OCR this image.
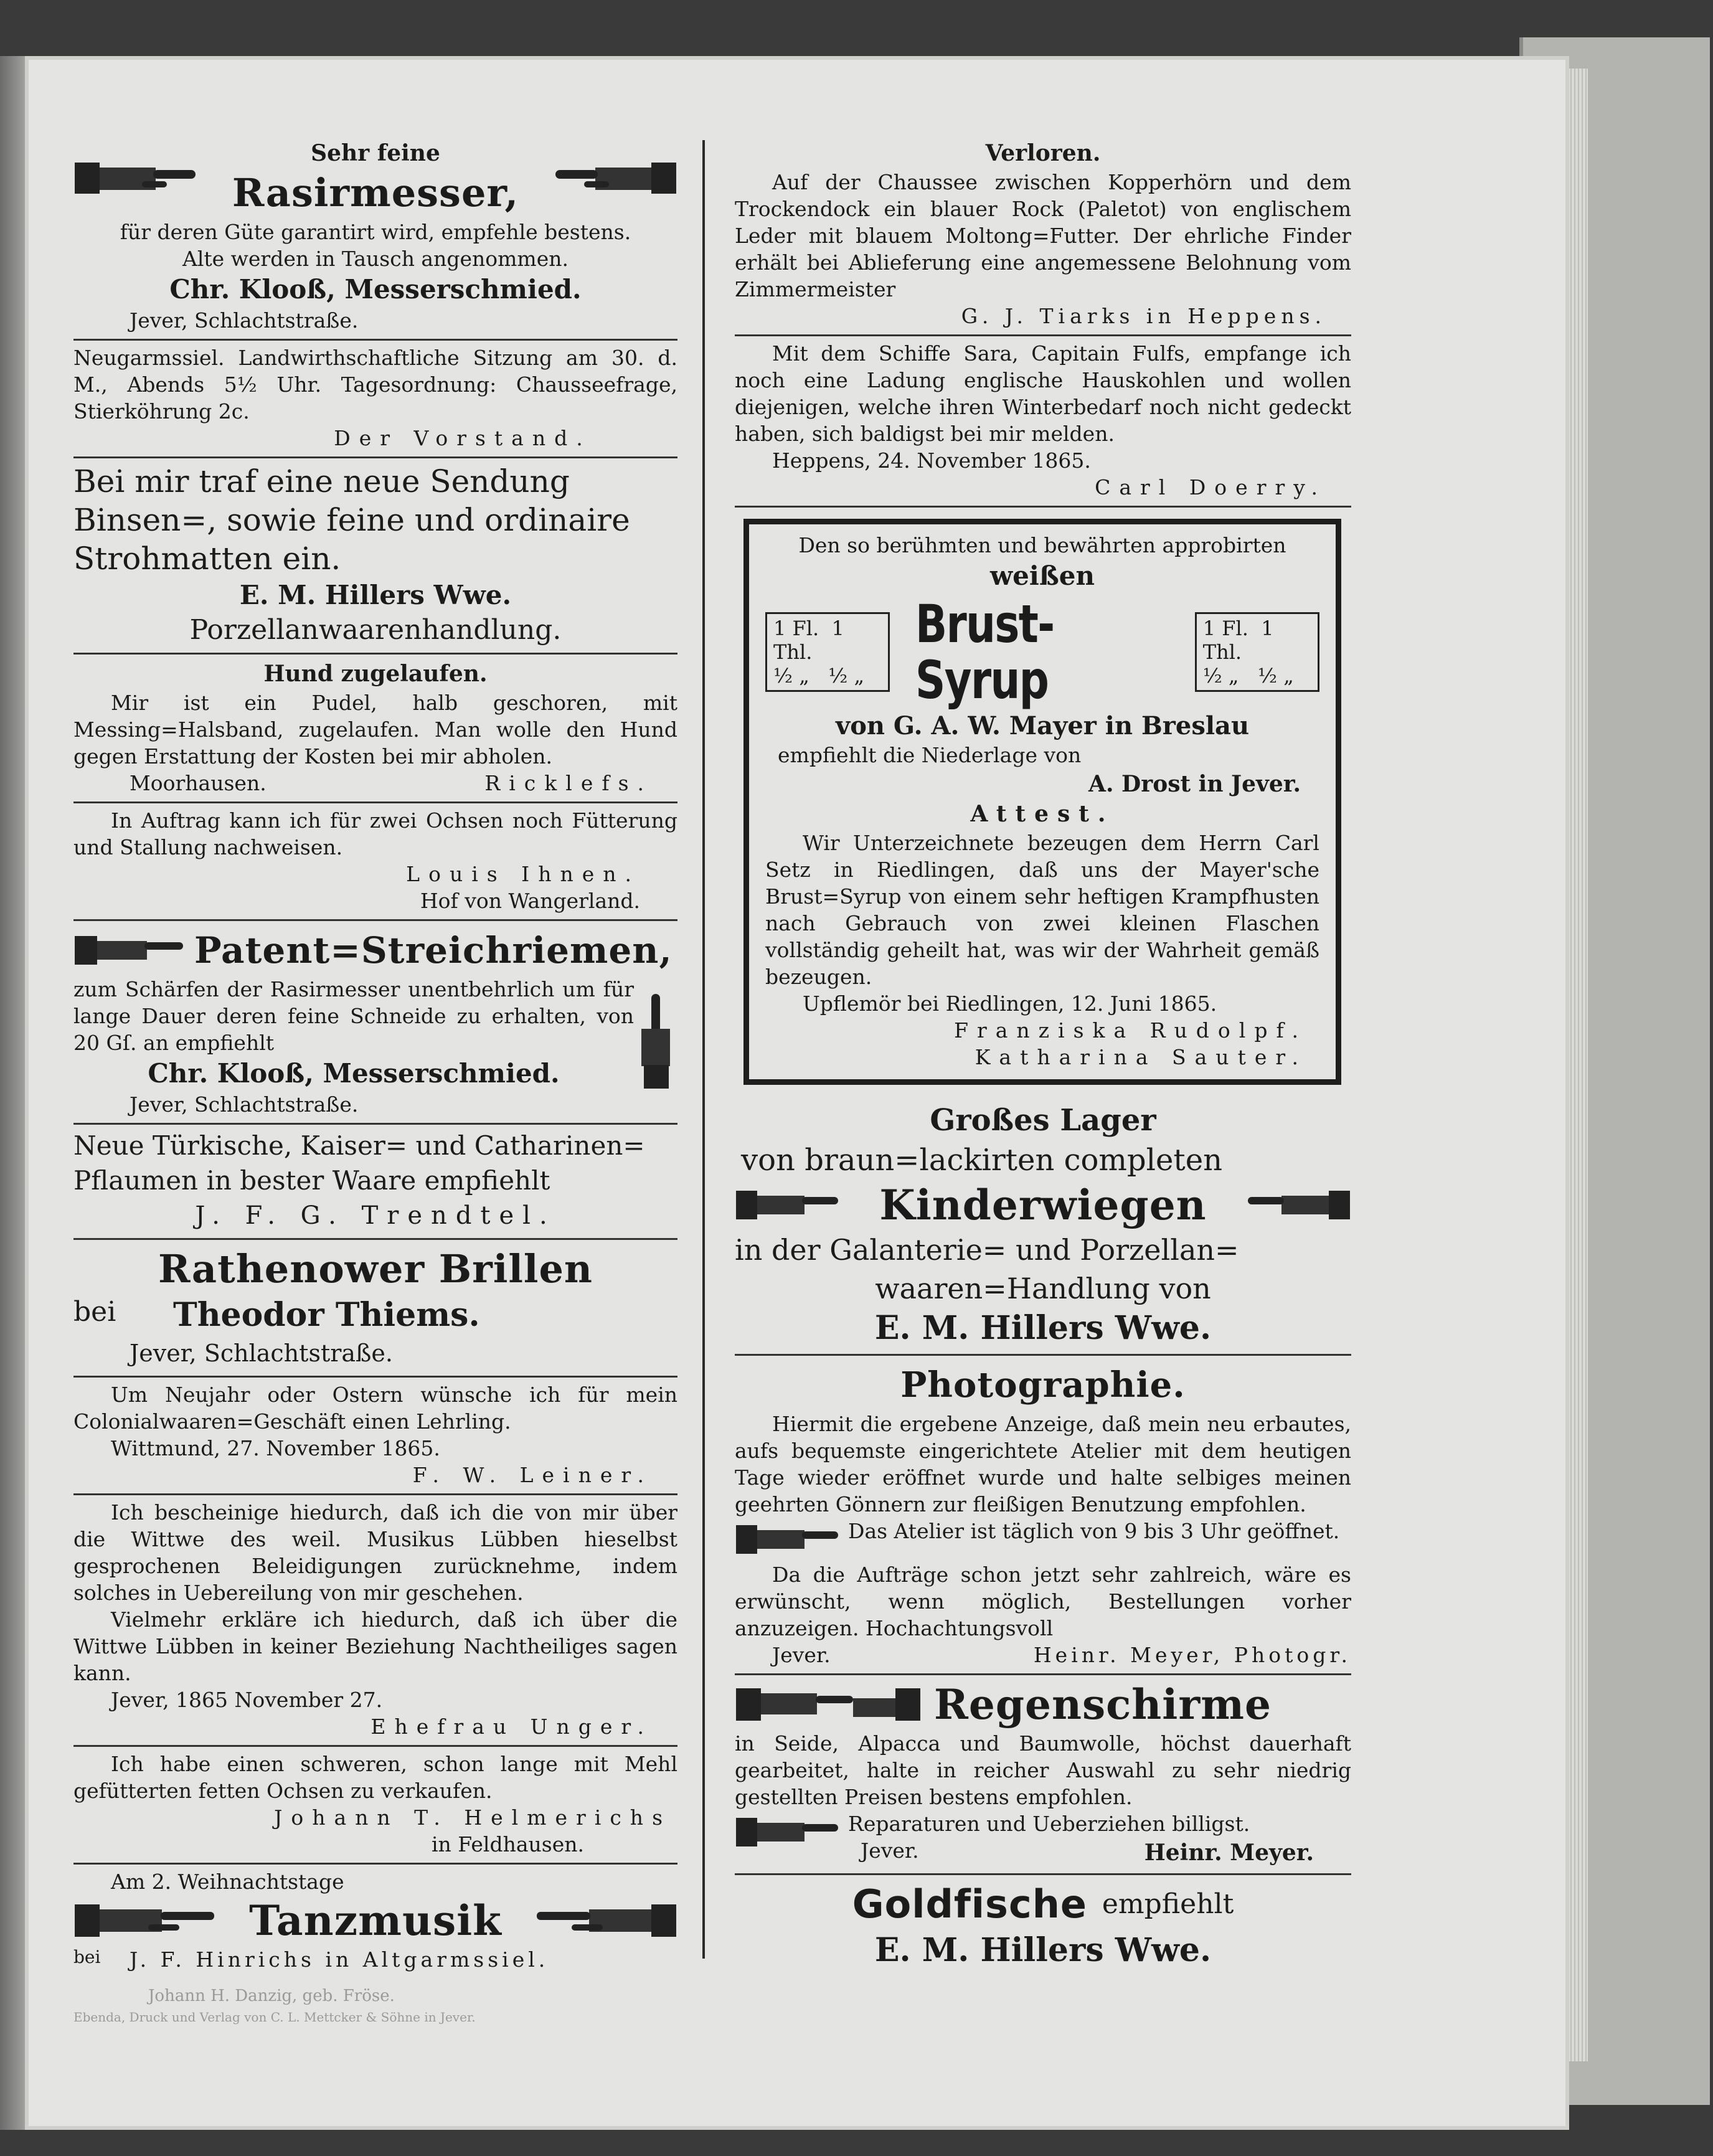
Sehr feine

Rasirmesser,

für deren Güte garantirt wird, empfehle bestens.

Alte werden in Tausch angenommen.

Chr. Klooß, Messerschmied.

Jever, Schlachtstraße.

Neugarmssiel. Landwirthschaftliche Sitzung am 30. d. M., Abends 5½ Uhr. Tagesordnung: Chausseefrage, Stierköhrung 2c.

Der Vorstand.

Bei mir traf eine neue Sendung

Binsen=, sowie feine und ordinaire

Strohmatten ein.

E. M. Hillers Wwe.

Porzellanwaarenhandlung.

Hund zugelaufen.

Mir ist ein Pudel, halb geschoren, mit Messing=Halsband, zugelaufen. Man wolle den Hund gegen Erstattung der Kosten bei mir abholen.

Moorhausen.	Ricklefs.

In Auftrag kann ich für zwei Ochsen noch Fütterung und Stallung nachweisen.

Louis Ihnen.

Hof von Wangerland.

Patent=Streichriemen,

zum Schärfen der Rasirmesser unentbehrlich um für lange Dauer deren feine Schneide zu erhalten, von 20 Gſ. an empfiehlt

Chr. Klooß, Messerschmied.

Jever, Schlachtstraße.

Neue Türkische, Kaiser= und Catharinen=

Pflaumen in bester Waare empfiehlt

J. F. G. Trendtel.

Rathenower Brillen

bei	Theodor Thiems.

Jever, Schlachtstraße.

Um Neujahr oder Ostern wünsche ich für mein Colonialwaaren=Geschäft einen Lehrling.

Wittmund, 27. November 1865.

F. W. Leiner.

Ich bescheinige hiedurch, daß ich die von mir über die Wittwe des weil. Musikus Lübben hieselbst gesprochenen Beleidigungen zurücknehme, indem solches in Uebereilung von mir geschehen.

Vielmehr erkläre ich hiedurch, daß ich über die Wittwe Lübben in keiner Beziehung Nachtheiliges sagen kann.

Jever, 1865 November 27.

Ehefrau Unger.

Ich habe einen schweren, schon lange mit Mehl gefütterten fetten Ochsen zu verkaufen.

Johann T. Helmerichs

in Feldhausen.

Am 2. Weihnachtstage

Tanzmusik

bei	J. F. Hinrichs in Altgarmssiel.

Johann H. Danzig, geb. Fröse.

Ebenda, Druck und Verlag von C. L. Mettcker & Söhne in Jever.

Verloren.

Auf der Chaussee zwischen Kopperhörn und dem Trockendock ein blauer Rock (Paletot) von englischem Leder mit blauem Moltong=Futter. Der ehrliche Finder erhält bei Ablieferung eine angemessene Belohnung vom Zimmermeister

G. J. Tiarks in Heppens.

Mit dem Schiffe Sara, Capitain Fulfs, empfange ich noch eine Ladung englische Hauskohlen und wollen diejenigen, welche ihren Winterbedarf noch nicht gedeckt haben, sich baldigst bei mir melden.

Heppens, 24. November 1865.

Carl Doerry.

Den so berühmten und bewährten approbirten

weißen

1 Fl. 1 Thl.
½ „ ½ „
Brust-Syrup
1 Fl. 1 Thl.
½ „ ½ „

von G. A. W. Mayer in Breslau

empfiehlt die Niederlage von

A. Drost in Jever.

Attest.

Wir Unterzeichnete bezeugen dem Herrn Carl Setz in Riedlingen, daß uns der Mayer'sche Brust=Syrup von einem sehr heftigen Krampfhusten nach Gebrauch von zwei kleinen Flaschen vollständig geheilt hat, was wir der Wahrheit gemäß bezeugen.

Upflemör bei Riedlingen, 12. Juni 1865.

Franziska Rudolpf.

Katharina Sauter.

Großes Lager

von braun=lackirten completen

Kinderwiegen

in der Galanterie= und Porzellan=

waaren=Handlung von

E. M. Hillers Wwe.

Photographie.

Hiermit die ergebene Anzeige, daß mein neu erbautes, aufs bequemste eingerichtete Atelier mit dem heutigen Tage wieder eröffnet wurde und halte selbiges meinen geehrten Gönnern zur fleißigen Benutzung empfohlen.

Das Atelier ist täglich von 9 bis 3 Uhr geöffnet.

Da die Aufträge schon jetzt sehr zahlreich, wäre es erwünscht, wenn möglich, Bestellungen vorher anzuzeigen. Hochachtungsvoll

Jever.	Heinr. Meyer, Photogr.

Regenschirme

in Seide, Alpacca und Baumwolle, höchst dauerhaft gearbeitet, halte in reicher Auswahl zu sehr niedrig gestellten Preisen bestens empfohlen.

Reparaturen und Ueberziehen billigst.

Jever.	Heinr. Meyer.

Goldfische empfiehlt

E. M. Hillers Wwe.
